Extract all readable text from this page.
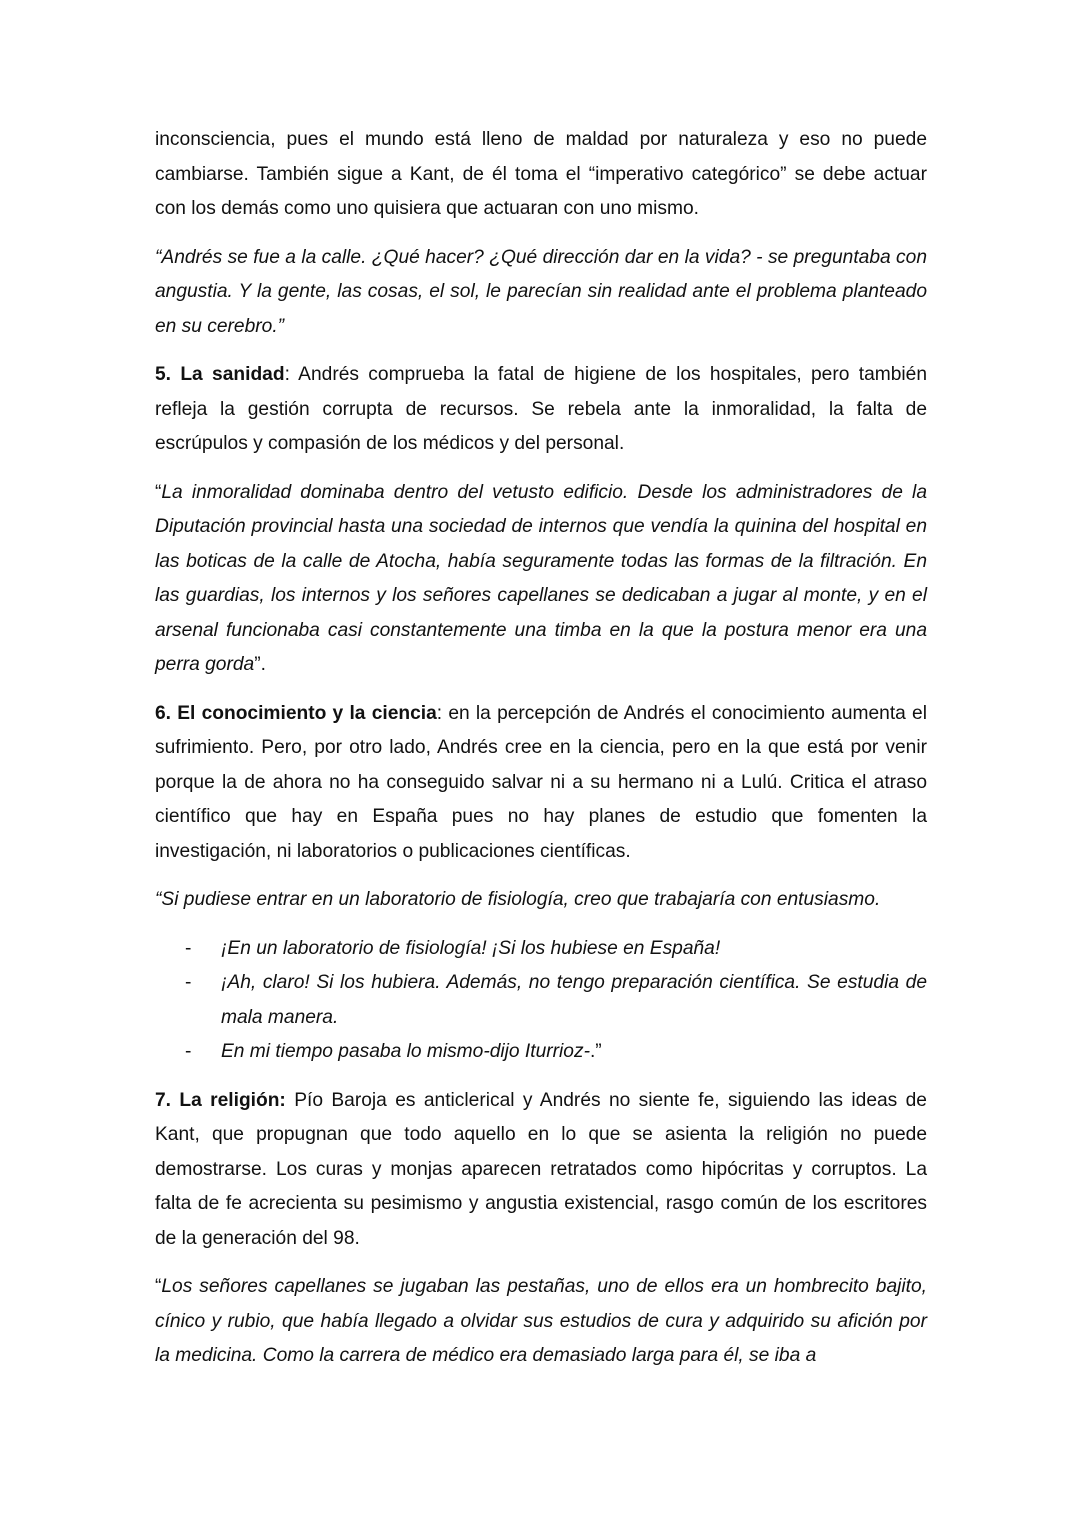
inconsciencia, pues el mundo está lleno de maldad por naturaleza y eso no puede cambiarse. También sigue a Kant, de él toma el “imperativo categórico” se debe actuar con los demás como uno quisiera que actuaran con uno mismo.

“Andrés se fue a la calle. ¿Qué hacer? ¿Qué dirección dar en la vida? - se preguntaba con angustia. Y la gente, las cosas, el sol, le parecían sin realidad ante el problema planteado en su cerebro.”

5. La sanidad: Andrés comprueba la fatal de higiene de los hospitales, pero también refleja la gestión corrupta de recursos. Se rebela ante la inmoralidad, la falta de escrúpulos y compasión de los médicos y del personal.

“La inmoralidad dominaba dentro del vetusto edificio. Desde los administradores de la Diputación provincial hasta una sociedad de internos que vendía la quinina del hospital en las boticas de la calle de Atocha, había seguramente todas las formas de la filtración. En las guardias, los internos y los señores capellanes se dedicaban a jugar al monte, y en el arsenal funcionaba casi constantemente una timba en la que la postura menor era una perra gorda”.

6. El conocimiento y la ciencia: en la percepción de Andrés el conocimiento aumenta el sufrimiento. Pero, por otro lado, Andrés cree en la ciencia, pero en la que está por venir porque la de ahora no ha conseguido salvar ni a su hermano ni a Lulú. Critica el atraso científico que hay en España pues no hay planes de estudio que fomenten la investigación, ni laboratorios o publicaciones científicas.

“Si pudiese entrar en un laboratorio de fisiología, creo que trabajaría con entusiasmo.

- ¡En un laboratorio de fisiología! ¡Si los hubiese en España!
- ¡Ah, claro! Si los hubiera. Además, no tengo preparación científica. Se estudia de mala manera.
- En mi tiempo pasaba lo mismo-dijo Iturrioz-.”

7. La religión: Pío Baroja es anticlerical y Andrés no siente fe, siguiendo las ideas de Kant, que propugnan que todo aquello en lo que se asienta la religión no puede demostrarse. Los curas y monjas aparecen retratados como hipócritas y corruptos. La falta de fe acrecienta su pesimismo y angustia existencial, rasgo común de los escritores de la generación del 98.

“Los señores capellanes se jugaban las pestañas, uno de ellos era un hombrecito bajito, cínico y rubio, que había llegado a olvidar sus estudios de cura y adquirido su afición por la medicina. Como la carrera de médico era demasiado larga para él, se iba a
